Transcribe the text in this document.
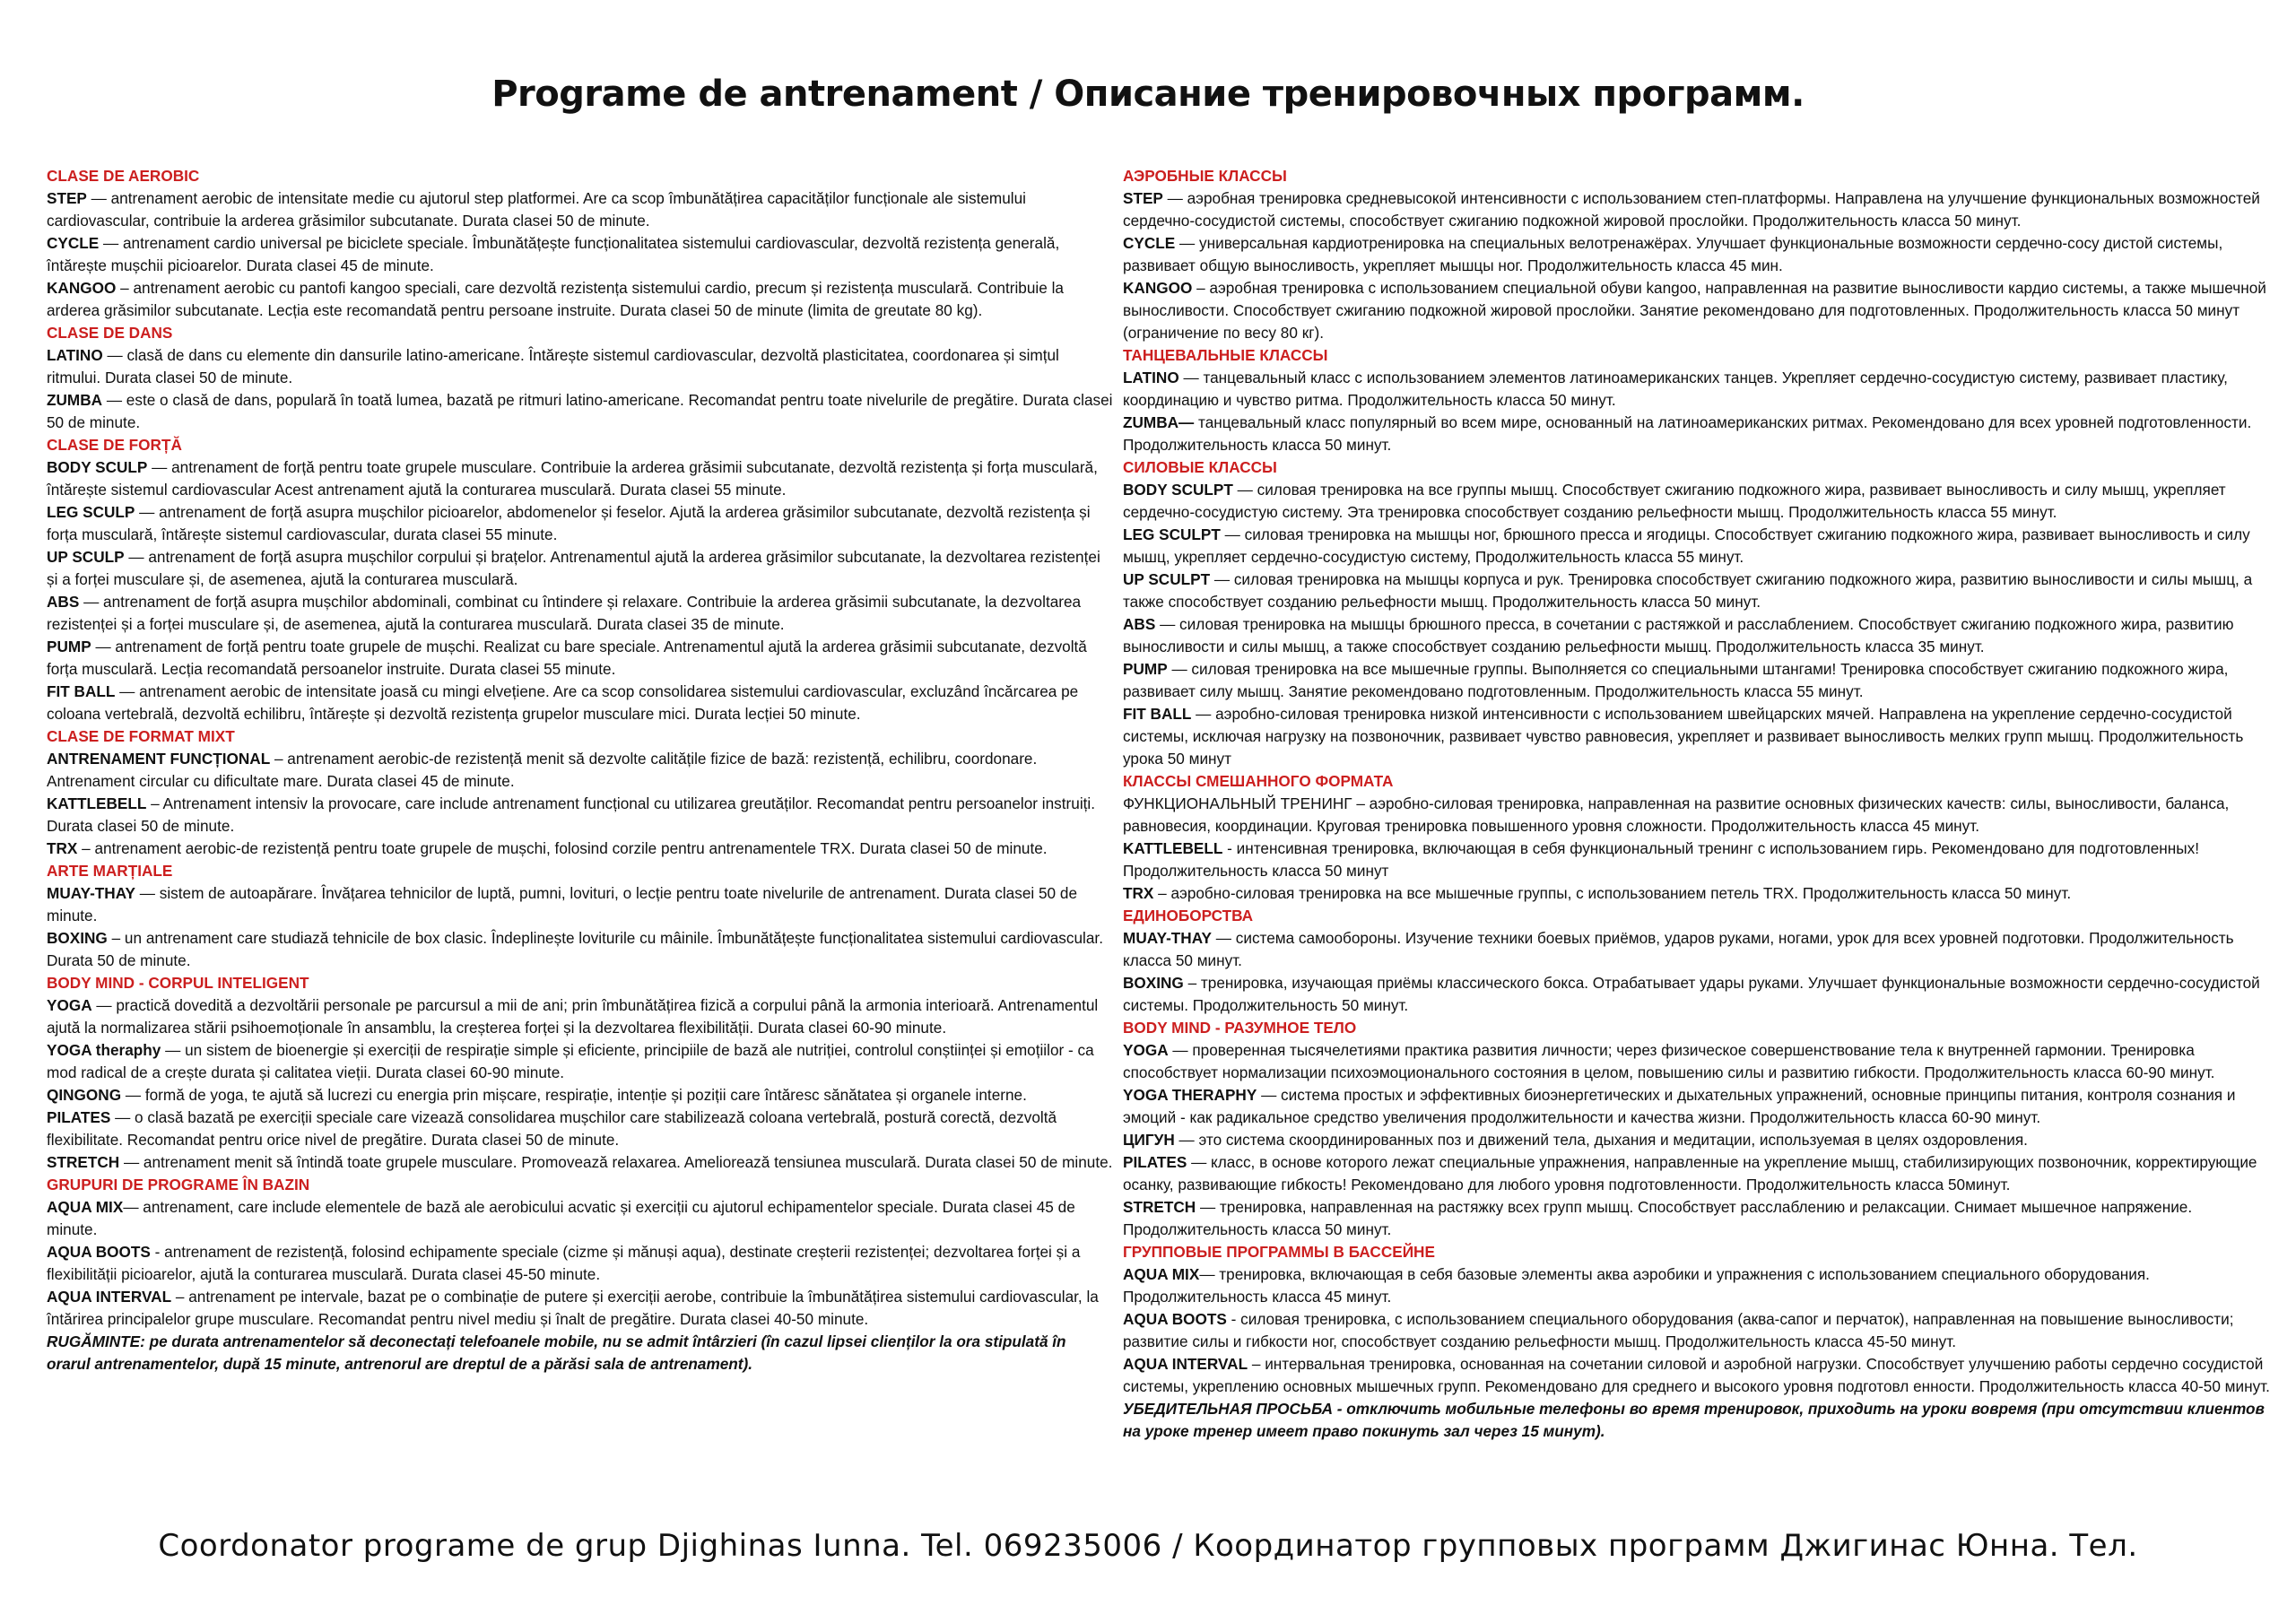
Programe de antrenament / Описание тренировочных программ.
CLASE DE AEROBIC
STEP — antrenament aerobic de intensitate medie cu ajutorul step platformei. Are ca scop îmbunătățirea capacităților funcționale ale sistemului cardiovascular, contribuie la arderea grăsimilor subcutanate. Durata clasei 50 de minute.
CYCLE — antrenament cardio universal pe biciclete speciale. Îmbunătățește funcționalitatea sistemului cardiovascular, dezvoltă rezistența generală, întărește mușchii picioarelor. Durata clasei 45 de minute.
KANGOO – antrenament aerobic cu pantofi kangoo speciali, care dezvoltă rezistența sistemului cardio, precum și rezistența musculară. Contribuie la arderea grăsimilor subcutanate. Lecția este recomandată pentru persoane instruite. Durata clasei 50 de minute (limita de greutate 80 kg).
CLASE DE DANS
LATINO — clasă de dans cu elemente din dansurile latino-americane. Întărește sistemul cardiovascular, dezvoltă plasticitatea, coordonarea și simțul ritmului. Durata clasei 50 de minute.
ZUMBA — este o clasă de dans, populară în toată lumea, bazată pe ritmuri latino-americane. Recomandat pentru toate nivelurile de pregătire. Durata clasei 50 de minute.
CLASE DE FORȚĂ
BODY SCULP — antrenament de forță pentru toate grupele musculare. Contribuie la arderea grăsimii subcutanate, dezvoltă rezistența și forța musculară, întărește sistemul cardiovascular Acest antrenament ajută la conturarea musculară. Durata clasei 55 minute.
LEG SCULP — antrenament de forță asupra mușchilor picioarelor, abdomenelor și feselor. Ajută la arderea grăsimilor subcutanate, dezvoltă rezistența și forța musculară, întărește sistemul cardiovascular, durata clasei 55 minute.
UP SCULP — antrenament de forță asupra mușchilor corpului și brațelor. Antrenamentul ajută la arderea grăsimilor subcutanate, la dezvoltarea rezistenței și a forței musculare și, de asemenea, ajută la conturarea musculară.
ABS — antrenament de forță asupra mușchilor abdominali, combinat cu întindere și relaxare. Contribuie la arderea grăsimii subcutanate, la dezvoltarea rezistenței și a forței musculare și, de asemenea, ajută la conturarea musculară. Durata clasei 35 de minute.
PUMP — antrenament de forță pentru toate grupele de mușchi. Realizat cu bare speciale. Antrenamentul ajută la arderea grăsimii subcutanate, dezvoltă forța musculară. Lecția recomandată persoanelor instruite. Durata clasei 55 minute.
FIT BALL — antrenament aerobic de intensitate joasă cu mingi elvețiene. Are ca scop consolidarea sistemului cardiovascular, excluzând încărcarea pe coloana vertebrală, dezvoltă echilibru, întărește și dezvoltă rezistența grupelor musculare mici. Durata lecției 50 minute.
CLASE DE FORMAT MIXT
ANTRENAMENT FUNCȚIONAL – antrenament aerobic-de rezistență menit să dezvolte calitățile fizice de bază: rezistență, echilibru, coordonare. Antrenament circular cu dificultate mare. Durata clasei 45 de minute.
KATTLEBELL – Antrenament intensiv la provocare, care include antrenament funcțional cu utilizarea greutăților. Recomandat pentru persoanelor instruiți. Durata clasei 50 de minute.
TRX – antrenament aerobic-de rezistență pentru toate grupele de mușchi, folosind corzile pentru antrenamentele TRX. Durata clasei 50 de minute.
ARTE MARȚIALE
MUAY-THAY — sistem de autoapărare. Învățarea tehnicilor de luptă, pumni, lovituri, o lecție pentru toate nivelurile de antrenament. Durata clasei 50 de minute.
BOXING – un antrenament care studiază tehnicile de box clasic. Îndeplinește loviturile cu mâinile. Îmbunătățește funcționalitatea sistemului cardiovascular. Durata 50 de minute.
BODY MIND - CORPUL INTELIGENT
YOGA — practică dovedită a dezvoltării personale pe parcursul a mii de ani; prin îmbunătățirea fizică a corpului până la armonia interioară. Antrenamentul ajută la normalizarea stării psihoemoționale în ansamblu, la creșterea forței și la dezvoltarea flexibilității. Durata clasei 60-90 minute.
YOGA theraphy — un sistem de bioenergie și exerciții de respirație simple și eficiente, principiile de bază ale nutriției, controlul conștiinței și emoțiilor - ca mod radical de a crește durata și calitatea vieții. Durata clasei 60-90 minute.
QINGONG — formă de yoga, te ajută să lucrezi cu energia prin mișcare, respirație, intenție și poziții care întăresc sănătatea și organele interne.
PILATES — o clasă bazată pe exerciții speciale care vizează consolidarea mușchilor care stabilizează coloana vertebrală, postură corectă, dezvoltă flexibilitate. Recomandat pentru orice nivel de pregătire. Durata clasei 50 de minute.
STRETCH — antrenament menit să întindă toate grupele musculare. Promovează relaxarea. Ameliorează tensiunea musculară. Durata clasei 50 de minute.
GRUPURI DE PROGRAME ÎN BAZIN
AQUA MIX— antrenament, care include elementele de bază ale aerobicului acvatic și exerciții cu ajutorul echipamentelor speciale. Durata clasei 45 de minute.
AQUA BOOTS - antrenament de rezistență, folosind echipamente speciale (cizme și mănuși aqua), destinate creșterii rezistenței; dezvoltarea forței și a flexibilității picioarelor, ajută la conturarea musculară. Durata clasei 45-50 minute.
AQUA INTERVAL – antrenament pe intervale, bazat pe o combinație de putere și exerciții aerobe, contribuie la îmbunătățirea sistemului cardiovascular, la întărirea principalelor grupe musculare. Recomandat pentru nivel mediu și înalt de pregătire. Durata clasei 40-50 minute.
RUGĂMINTE: pe durata antrenamentelor să deconectați telefoanele mobile, nu se admit întârzieri (în cazul lipsei clienților la ora stipulată în orarul antrenamentelor, după 15 minute, antrenorul are dreptul de a părăsi sala de antrenament).
АЭРОБНЫЕ КЛАССЫ
STEP — аэробная тренировка средневысокой интенсивности с использованием степ-платформы. Направлена на улучшение функциональных возможностей сердечно-сосудистой системы, способствует сжиганию подкожной жировой прослойки. Продолжительность класса 50 минут.
CYCLE — универсальная кардиотренировка на специальных велотренажёрах. Улучшает функциональные возможности сердечно-сосу дистой системы, развивает общую выносливость, укрепляет мышцы ног. Продолжительность класса 45 мин.
KANGOO – аэробная тренировка с использованием специальной обуви kangoo, направленная на развитие выносливости кардио системы, а также мышечной выносливости. Способствует сжиганию подкожной жировой прослойки. Занятие рекомендовано для подготовленных. Продолжительность класса 50 минут (ограничение по весу 80 кг).
ТАНЦЕВАЛЬНЫЕ КЛАССЫ
LATINO — танцевальный класс с использованием элементов латиноамериканских танцев. Укрепляет сердечно-сосудистую систему, развивает пластику, координацию и чувство ритма. Продолжительность класса 50 минут.
ZUMBA— танцевальный класс популярный во всем мире, основанный на латиноамериканских ритмах. Рекомендовано для всех уровней подготовленности. Продолжительность класса 50 минут.
СИЛОВЫЕ КЛАССЫ
BODY SCULPT — силовая тренировка на все группы мышц. Способствует сжиганию подкожного жира, развивает выносливость и силу мышц, укрепляет сердечно-сосудистую систему. Эта тренировка способствует созданию рельефности мышц. Продолжительность класса 55 минут.
LEG SCULPT — силовая тренировка на мышцы ног, брюшного пресса и ягодицы. Способствует сжиганию подкожного жира, развивает выносливость и силу мышц, укрепляет сердечно-сосудистую систему, Продолжительность класса 55 минут.
UP SCULPT — силовая тренировка на мышцы корпуса и рук. Тренировка способствует сжиганию подкожного жира, развитию выносливости и силы мышц, а также способствует созданию рельефности мышц. Продолжительность класса 50 минут.
ABS — силовая тренировка на мышцы брюшного пресса, в сочетании с растяжкой и расслаблением. Способствует сжиганию подкожного жира, развитию выносливости и силы мышц, а также способствует созданию рельефности мышц. Продолжительность класса 35 минут.
PUMP — силовая тренировка на все мышечные группы. Выполняется со специальными штангами! Тренировка способствует сжиганию подкожного жира, развивает силу мышц. Занятие рекомендовано подготовленным. Продолжительность класса 55 минут.
FIT BALL — аэробно-силовая тренировка низкой интенсивности с использованием швейцарских мячей. Направлена на укрепление сердечно-сосудистой системы, исключая нагрузку на позвоночник, развивает чувство равновесия, укрепляет и развивает выносливость мелких групп мышц. Продолжительность урока 50 минут
КЛАССЫ СМЕШАННОГО ФОРМАТА
ФУНКЦИОНАЛЬНЫЙ ТРЕНИНГ – аэробно-силовая тренировка, направленная на развитие основных физических качеств: силы, выносливости, баланса, равновесия, координации. Круговая тренировка повышенного уровня сложности. Продолжительность класса 45 минут.
KATTLEBELL - интенсивная тренировка, включающая в себя функциональный тренинг с использованием гирь. Рекомендовано для подготовленных! Продолжительность класса 50 минут
TRX – аэробно-силовая тренировка на все мышечные группы, с использованием петель TRX. Продолжительность класса 50 минут.
ЕДИНОБОРСТВА
MUAY-THAY — система самообороны. Изучение техники боевых приёмов, ударов руками, ногами, урок для всех уровней подготовки. Продолжительность класса 50 минут.
BOXING – тренировка, изучающая приёмы классического бокса. Отрабатывает удары руками. Улучшает функциональные возможности сердечно-сосудистой системы. Продолжительность 50 минут.
BODY MIND - РАЗУМНОЕ ТЕЛО
YOGA — проверенная тысячелетиями практика развития личности; через физическое совершенствование тела к внутренней гармонии. Тренировка способствует нормализации психоэмоционального состояния в целом, повышению силы и развитию гибкости. Продолжительность класса 60-90 минут.
YOGA THERAPHY — система простых и эффективных биоэнергетических и дыхательных упражнений, основные принципы питания, контроля сознания и эмоций - как радикальное средство увеличения продолжительности и качества жизни. Продолжительность класса 60-90 минут.
ЦИГУН — это система скоординированных поз и движений тела, дыхания и медитации, используемая в целях оздоровления.
PILATES — класс, в основе которого лежат специальные упражнения, направленные на укрепление мышц, стабилизирующих позвоночник, корректирующие осанку, развивающие гибкость! Рекомендовано для любого уровня подготовленности. Продолжительность класса 50минут.
STRETCH — тренировка, направленная на растяжку всех групп мышц. Способствует расслаблению и релаксации. Снимает мышечное напряжение. Продолжительность класса 50 минут.
ГРУППОВЫЕ ПРОГРАММЫ В БАССЕЙНЕ
AQUA MIX— тренировка, включающая в себя базовые элементы аква аэробики и упражнения с использованием специального оборудования. Продолжительность класса 45 минут.
AQUA BOOTS - силовая тренировка, с использованием специального оборудования (аква-сапог и перчаток), направленная на повышение выносливости; развитие силы и гибкости ног, способствует созданию рельефности мышц. Продолжительность класса 45-50 минут.
AQUA INTERVAL – интервальная тренировка, основанная на сочетании силовой и аэробной нагрузки. Способствует улучшению работы сердечно сосудистой системы, укреплению основных мышечных групп. Рекомендовано для среднего и высокого уровня подготовл енности. Продолжительность класса 40-50 минут.
УБЕДИТЕЛЬНАЯ ПРОСЬБА - отключить мобильные телефоны во время тренировок, приходить на уроки вовремя (при отсутствии клиентов на уроке тренер имеет право покинуть зал через 15 минут).
Coordonator programe de grup Djighinas Iunna. Tel. 069235006 / Координатор групповых программ Джигинас Юнна. Тел.
